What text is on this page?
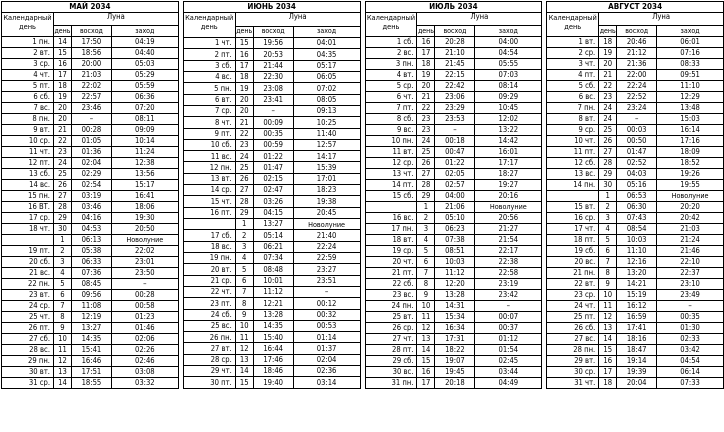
МАЙ 2034			
Календарный
день	Луна		
	день	восход	заход
1 пн.	14	17:50	04:19
2 вт.	15	18:56	04:40
3 ср.	16	20:00	05:03
4 чт.	17	21:03	05:29
5 пт.	18	22:02	05:59
6 сб.	19	22:57	06:36
7 вс.	20	23:46	07:20
8 пн.	20	–	08:11
9 вт.	21	00:28	09:09
10 ср.	22	01:05	10:14
11 чт.	23	01:36	11:24
12 пт.	24	02:04	12:38
13 сб.	25	02:29	13:56
14 вс.	26	02:54	15:17
15 пн.	27	03:19	16:41
16 ВТ.	28	03:46	18:06
17 ср.	29	04:16	19:30
18 чт.	30	04:53	20:50
	1	06:13	Новолуние
19 пт.	2	05:38	22:02
20 сб.	3	06:33	23:01
21 вс.	4	07:36	23:50
22 пн.	5	08:45	–
23 вт.	6	09:56	00:28
24 ср.	7	11:08	00:58
25 чт.	8	12:19	01:23
26 пт.	9	13:27	01:46
27 сб.	10	14:35	02:06
28 вс.	11	15:41	02:26
29 пн.	12	16:46	02:46
30 вт.	13	17:51	03:08
31 ср.	14	18:55	03:32
ИЮНЬ 2034			
Календарный
день	Луна		
	день	восход	заход
1 чт.	15	19:56	04:01
2 пт.	16	20:53	04:35
3 сб.	17	21:44	05:17
4 вс.	18	22:30	06:05
5 пн.	19	23:08	07:02
6 вт.	20	23:41	08:05
7 ср.	20	–	09:13
8 чт.	21	00:09	10:25
9 пт.	22	00:35	11:40
10 сб.	23	00:59	12:57
11 вс.	24	01:22	14:17
12 пн.	25	01:47	15:39
13 вт.	26	02:15	17:01
14 ср.	27	02:47	18:23
15 чт.	28	03:26	19:38
16 пт.	29	04:15	20:45
	1	13:27	Новолуние
17 сб.	2	05:14	21:40
18 вс.	3	06:21	22:24
19 пн.	4	07:34	22:59
20 вт.	5	08:48	23:27
21 ср.	6	10:01	23:51
22 чт.	7	11:12	–
23 пт.	8	12:21	00:12
24 сб.	9	13:28	00:32
25 вс.	10	14:35	00:53
26 пн.	11	15:40	01:14
27 вт.	12	16:44	01:37
28 ср.	13	17:46	02:04
29 чт.	14	18:46	02:36
30 пт.	15	19:40	03:14
ИЮЛЬ 2034			
Календарный
день	Луна		
	день	восход	заход
1 сб.	16	20:28	04:00
2 вс.	17	21:10	04:54
3 пн.	18	21:45	05:55
4 вт.	19	22:15	07:03
5 ср.	20	22:42	08:14
6 чт.	21	23:06	09:29
7 пт.	22	23:29	10:45
8 сб.	23	23:53	12:02
9 вс.	23	–	13:22
10 пн.	24	00:18	14:42
11 вт.	25	00:47	16:01
12 ср.	26	01:22	17:17
13 чт.	27	02:05	18:27
14 пт.	28	02:57	19:27
15 сб.	29	04:00	20:16
	1	21:06	Новолуние
16 вс.	2	05:10	20:56
17 пн.	3	06:23	21:27
18 вт.	4	07:38	21:54
19 ср.	5	08:51	22:17
20 чт.	6	10:03	22:38
21 пт.	7	11:12	22:58
22 сб.	8	12:20	23:19
23 вс.	9	13:28	23:42
24 пн.	10	14:31	–
25 вт.	11	15:34	00:07
26 ср.	12	16:34	00:37
27 чт.	13	17:31	01:12
28 пт.	14	18:22	01:54
29 сб.	15	19:07	02:45
30 вс.	16	19:45	03:44
31 пн.	17	20:18	04:49
АВГУСТ 2034			
Календарный
день	Луна		
	день	восход	заход
1 вт.	18	20:46	06:01
2 ср.	19	21:12	07:16
3 чт.	20	21:36	08:33
4 пт.	21	22:00	09:51
5 сб.	22	22:24	11:10
6 вс.	23	22:52	12:29
7 пн.	24	23:24	13:48
8 вт.	24	–	15:03
9 ср.	25	00:03	16:14
10 чт.	26	00:50	17:16
11 пт.	27	01:47	18:09
12 сб.	28	02:52	18:52
13 вс.	29	04:03	19:26
14 пн.	30	05:16	19:55
	1	06:53	Новолуние
15 вт.	2	06:30	20:20
16 ср.	3	07:43	20:42
17 чт.	4	08:54	21:03
18 пт.	5	10:03	21:24
19 сб.	6	11:10	21:46
20 вс.	7	12:16	22:10
21 пн.	8	13:20	22:37
22 вт.	9	14:21	23:10
23 ср.	10	15:19	23:49
24 чт.	11	16:12	–
25 пт.	12	16:59	00:35
26 сб.	13	17:41	01:30
27 вс.	14	18:16	02:33
28 пн.	15	18:47	03:42
29 вт.	16	19:14	04:54
30 ср.	17	19:39	06:14
31 чт.	18	20:04	07:33
